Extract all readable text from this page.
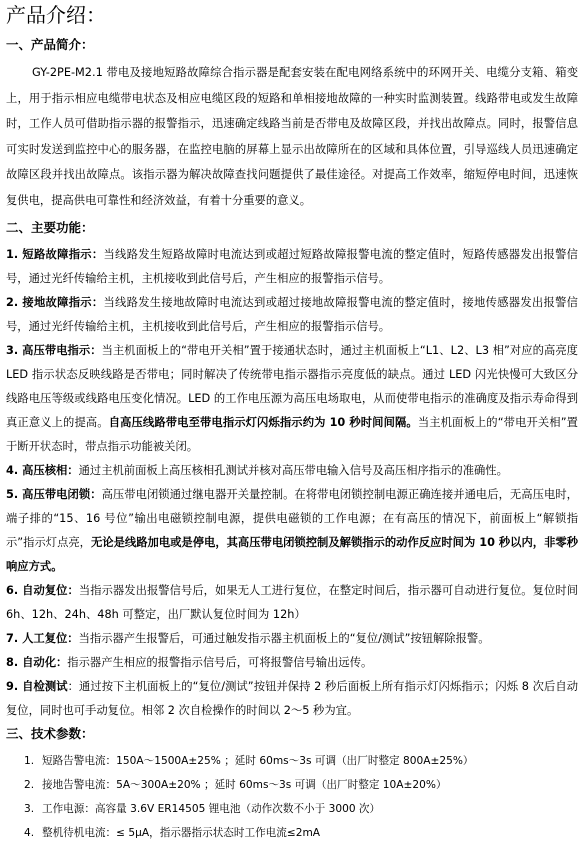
产品介绍：
一、产品简介：

GY-2PE-M2.1 带电及接地短路故障综合指示器是配套安装在配电网络系统中的环网开关、电缆分支箱、箱变上，用于指示相应电缆带电状态及相应电缆区段的短路和单相接地故障的一种实时监测装置。线路带电或发生故障时，工作人员可借助指示器的报警指示，迅速确定线路当前是否带电及故障区段，并找出故障点。同时，报警信息可实时发送到监控中心的服务器，在监控电脑的屏幕上显示出故障所在的区域和具体位置，引导巡线人员迅速确定故障区段并找出故障点。该指示器为解决故障查找问题提供了最佳途径。对提高工作效率，缩短停电时间，迅速恢复供电，提高供电可靠性和经济效益，有着十分重要的意义。

二、主要功能：

1. 短路故障指示：当线路发生短路故障时电流达到或超过短路故障报警电流的整定值时，短路传感器发出报警信号，通过光纤传输给主机，主机接收到此信号后，产生相应的报警指示信号。

2. 接地故障指示：当线路发生接地故障时电流达到或超过接地故障报警电流的整定值时，接地传感器发出报警信号，通过光纤传输给主机，主机接收到此信号后，产生相应的报警指示信号。

3. 高压带电指示：当主机面板上的“带电开关相”置于接通状态时，通过主机面板上“L1、L2、L3 相”对应的高亮度 LED 指示状态反映线路是否带电；同时解决了传统带电指示器指示亮度低的缺点。通过 LED 闪光快慢可大致区分线路电压等级或线路电压变化情况。LED 的工作电压源为高压电场取电，从而使带电指示的准确度及指示寿命得到真正意义上的提高。自高压线路带电至带电指示灯闪烁指示约为 10 秒时间间隔。当主机面板上的“带电开关相”置于断开状态时，带点指示功能被关闭。

4. 高压核相：通过主机前面板上高压核相孔测试并核对高压带电输入信号及高压相序指示的准确性。

5. 高压带电闭锁：高压带电闭锁通过继电器开关量控制。在将带电闭锁控制电源正确连接并通电后，无高压电时，端子排的“15、16 号位”输出电磁锁控制电源，提供电磁锁的工作电源；在有高压的情况下，前面板上“解锁指示”指示灯点亮，无论是线路加电或是停电，其高压带电闭锁控制及解锁指示的动作反应时间为 10 秒以内，非零秒响应方式。

6. 自动复位：当指示器发出报警信号后，如果无人工进行复位，在整定时间后，指示器可自动进行复位。复位时间 6h、12h、24h、48h 可整定，出厂默认复位时间为 12h）

7. 人工复位：当指示器产生报警后，可通过触发指示器主机面板上的“复位/测试”按钮解除报警。

8. 自动化：指示器产生相应的报警指示信号后，可将报警信号输出远传。

9. 自检测试：通过按下主机面板上的“复位/测试”按钮并保持 2 秒后面板上所有指示灯闪烁指示；闪烁 8 次后自动复位，同时也可手动复位。相邻 2 次自检操作的时间以 2～5 秒为宜。

三、技术参数：

1. 短路告警电流：150A～1500A±25% ；延时 60ms～3s 可调（出厂时整定 800A±25%）

2. 接地告警电流：5A～300A±20% ；延时 60ms～3s 可调（出厂时整定 10A±20%）

3. 工作电源：高容量 3.6V ER14505 锂电池（动作次数不小于 3000 次）

4. 整机待机电流：≤ 5μA，指示器指示状态时工作电流≤2mA
